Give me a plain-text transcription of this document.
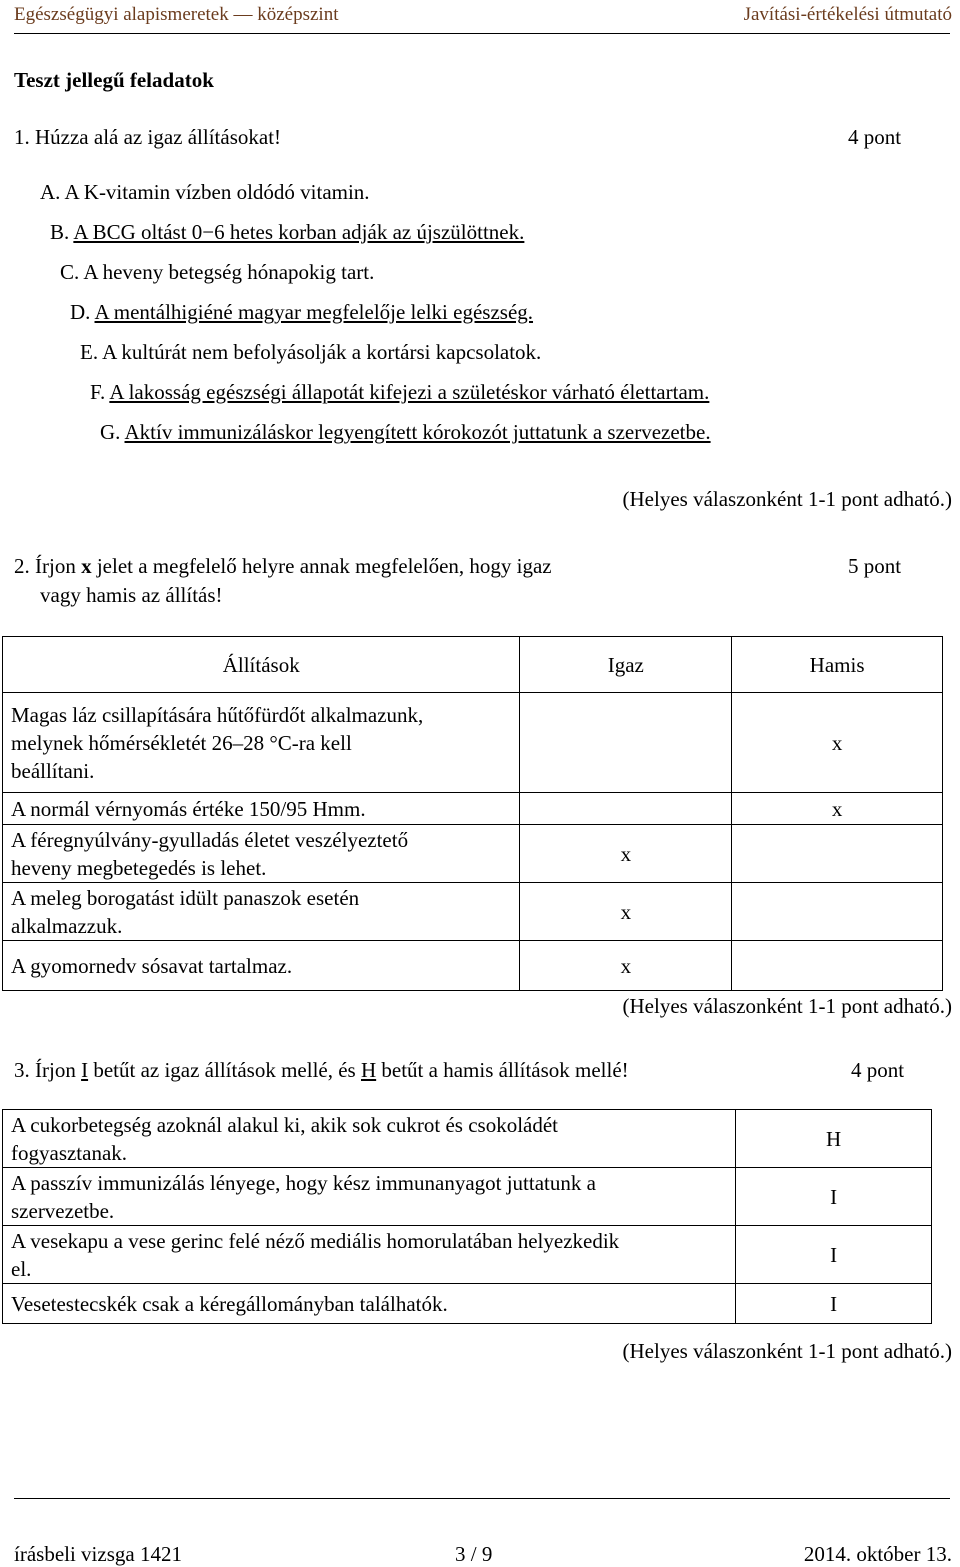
Egészségügyi alapismeretek — középszint	Javítási-értékelési útmutató
Teszt jellegű feladatok
1. Húzza alá az igaz állításokat!	4 pont
A. A K-vitamin vízben oldódó vitamin.
B. A BCG oltást 0−6 hetes korban adják az újszülöttnek.
C. A heveny betegség hónapokig tart.
D. A mentálhigiéné magyar megfelelője lelki egészség.
E. A kultúrát nem befolyásolják a kortársi kapcsolatok.
F. A lakosság egészségi állapotát kifejezi a születéskor várható élettartam.
G. Aktív immunizáláskor legyengített kórokozót juttatunk a szervezetbe.
(Helyes válaszonként 1-1 pont adható.)
2. Írjon x jelet a megfelelő helyre annak megfelelően, hogy igaz
vagy hamis az állítás!
5 pont
Állítások	Igaz	Hamis

Magas láz csillapítására hűtőfürdőt alkalmazunk,
melynek hőmérsékletét 26–28 °C-ra kell
beállítani.		x

A normál vérnyomás értéke 150/95 Hmm.		x

A féregnyúlvány-gyulladás életet veszélyeztető
heveny megbetegedés is lehet.	x	

A meleg borogatást idült panaszok esetén
alkalmazzuk.	x	

A gyomornedv sósavat tartalmaz.	x	
(Helyes válaszonként 1-1 pont adható.)
3. Írjon I betűt az igaz állítások mellé, és H betűt a hamis állítások mellé!	4 pont
A cukorbetegség azoknál alakul ki, akik sok cukrot és csokoládét
fogyasztanak.	H

A passzív immunizálás lényege, hogy kész immunanyagot juttatunk a
szervezetbe.	I

A vesekapu a vese gerinc felé néző mediális homorulatában helyezkedik
el.	I

Vesetestecskék csak a kéregállományban találhatók.	I
(Helyes válaszonként 1-1 pont adható.)
írásbeli vizsga 1421	3 / 9	2014. október 13.
